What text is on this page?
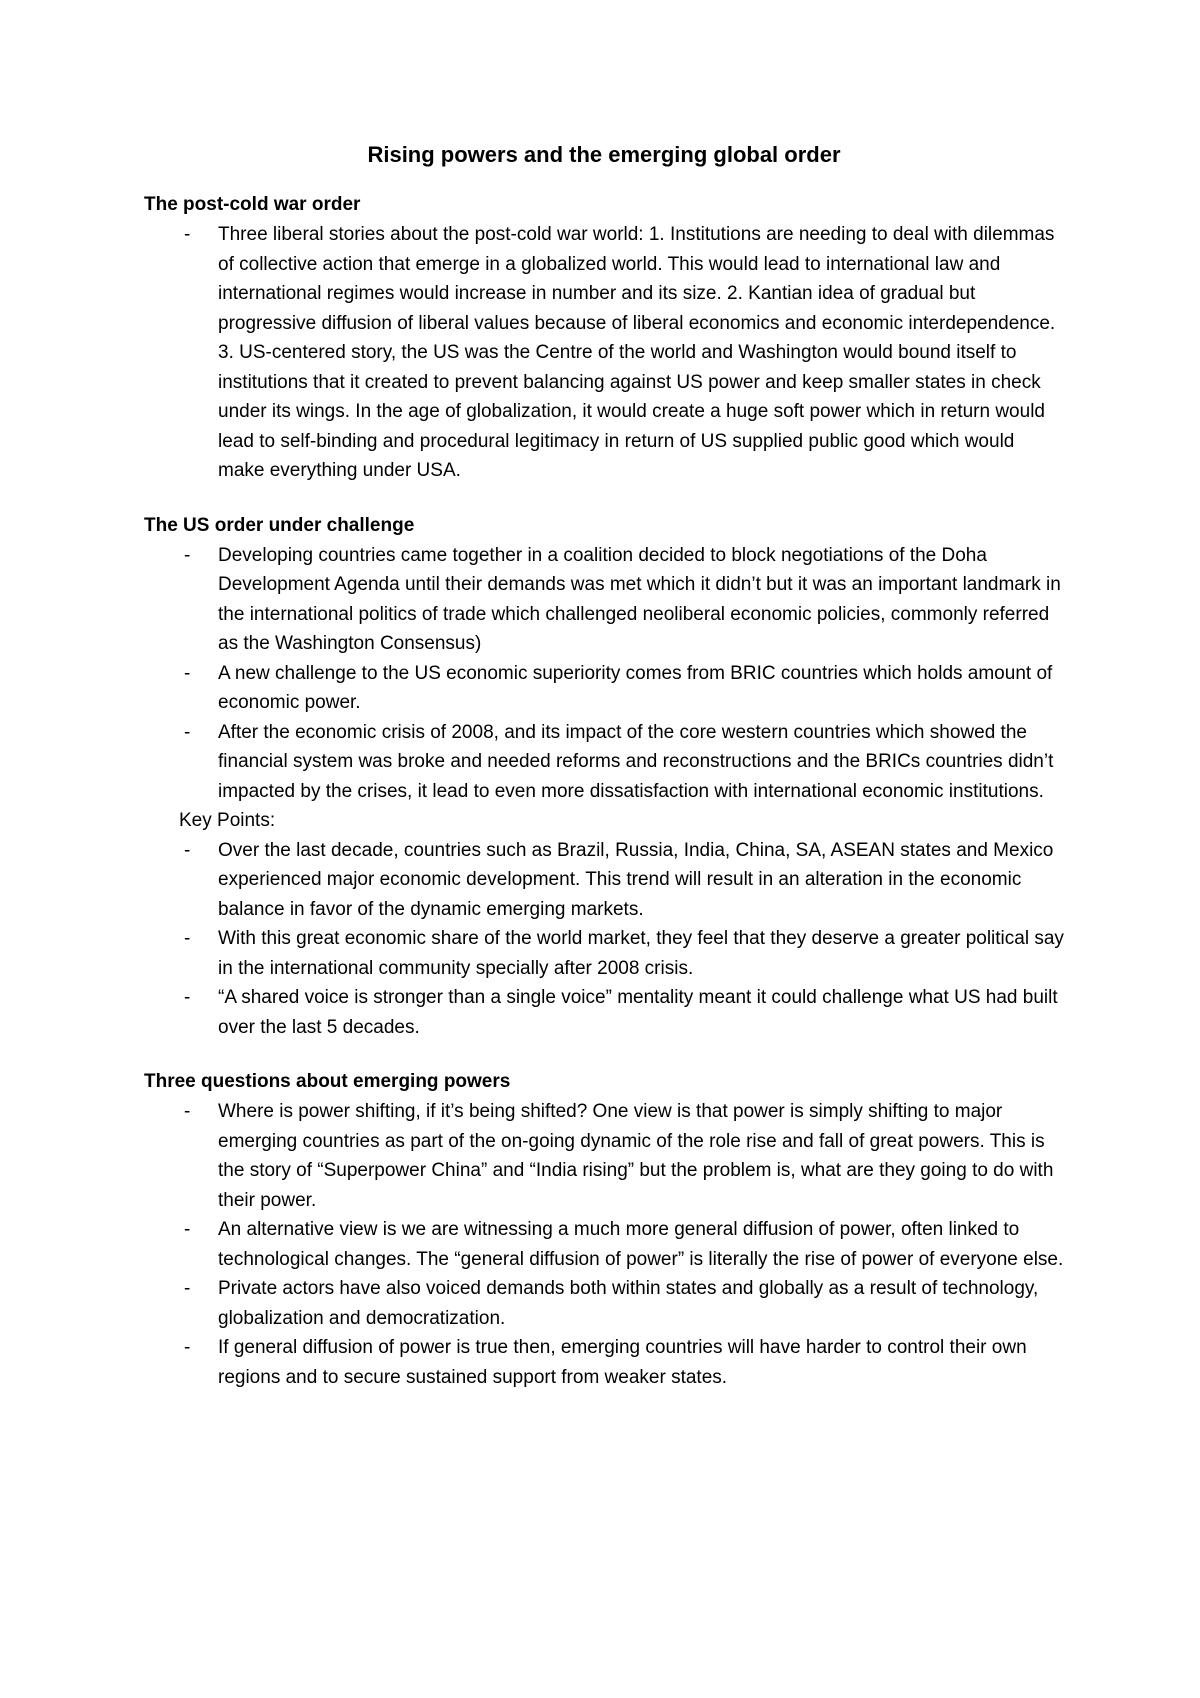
Rising powers and the emerging global order
The post-cold war order
- Three liberal stories about the post-cold war world: 1. Institutions are needing to deal with dilemmas of collective action that emerge in a globalized world. This would lead to international law and international regimes would increase in number and its size. 2. Kantian idea of gradual but progressive diffusion of liberal values because of liberal economics and economic interdependence. 3. US-centered story, the US was the Centre of the world and Washington would bound itself to institutions that it created to prevent balancing against US power and keep smaller states in check under its wings. In the age of globalization, it would create a huge soft power which in return would lead to self-binding and procedural legitimacy in return of US supplied public good which would make everything under USA.
The US order under challenge
- Developing countries came together in a coalition decided to block negotiations of the Doha Development Agenda until their demands was met which it didn’t but it was an important landmark in the international politics of trade which challenged neoliberal economic policies, commonly referred as the Washington Consensus)
- A new challenge to the US economic superiority comes from BRIC countries which holds amount of economic power.
- After the economic crisis of 2008, and its impact of the core western countries which showed the financial system was broke and needed reforms and reconstructions and the BRICs countries didn’t impacted by the crises, it lead to even more dissatisfaction with international economic institutions.

Key Points:

- Over the last decade, countries such as Brazil, Russia, India, China, SA, ASEAN states and Mexico experienced major economic development. This trend will result in an alteration in the economic balance in favor of the dynamic emerging markets.
- With this great economic share of the world market, they feel that they deserve a greater political say in the international community specially after 2008 crisis.
- “A shared voice is stronger than a single voice” mentality meant it could challenge what US had built over the last 5 decades.
Three questions about emerging powers
- Where is power shifting, if it’s being shifted? One view is that power is simply shifting to major emerging countries as part of the on-going dynamic of the role rise and fall of great powers. This is the story of “Superpower China” and “India rising” but the problem is, what are they going to do with their power.
- An alternative view is we are witnessing a much more general diffusion of power, often linked to technological changes. The “general diffusion of power” is literally the rise of power of everyone else.
- Private actors have also voiced demands both within states and globally as a result of technology, globalization and democratization.
- If general diffusion of power is true then, emerging countries will have harder to control their own regions and to secure sustained support from weaker states.
